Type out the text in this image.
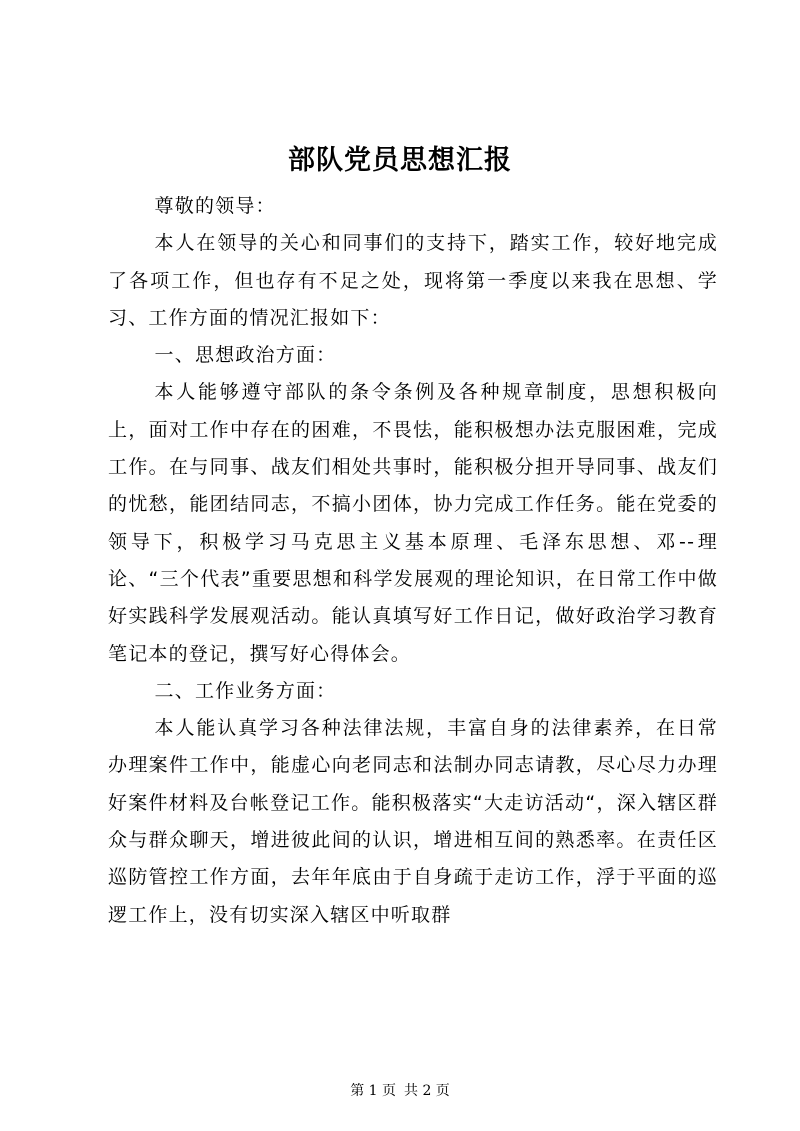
部队党员思想汇报

尊敬的领导：

本人在领导的关心和同事们的支持下，踏实工作，较好地完成了各项工作，但也存有不足之处，现将第一季度以来我在思想、学习、工作方面的情况汇报如下：

一、思想政治方面：

本人能够遵守部队的条令条例及各种规章制度，思想积极向上，面对工作中存在的困难，不畏怯，能积极想办法克服困难，完成工作。在与同事、战友们相处共事时，能积极分担开导同事、战友们的忧愁，能团结同志，不搞小团体，协力完成工作任务。能在党委的领导下，积极学习马克思主义基本原理、毛泽东思想、邓--理论、“三个代表”重要思想和科学发展观的理论知识，在日常工作中做好实践科学发展观活动。能认真填写好工作日记，做好政治学习教育笔记本的登记，撰写好心得体会。

二、工作业务方面：

本人能认真学习各种法律法规，丰富自身的法律素养，在日常办理案件工作中，能虚心向老同志和法制办同志请教，尽心尽力办理好案件材料及台帐登记工作。能积极落实“大走访活动“，深入辖区群众与群众聊天，增进彼此间的认识，增进相互间的熟悉率。在责任区巡防管控工作方面，去年年底由于自身疏于走访工作，浮于平面的巡逻工作上，没有切实深入辖区中听取群

第 1 页 共 2 页
